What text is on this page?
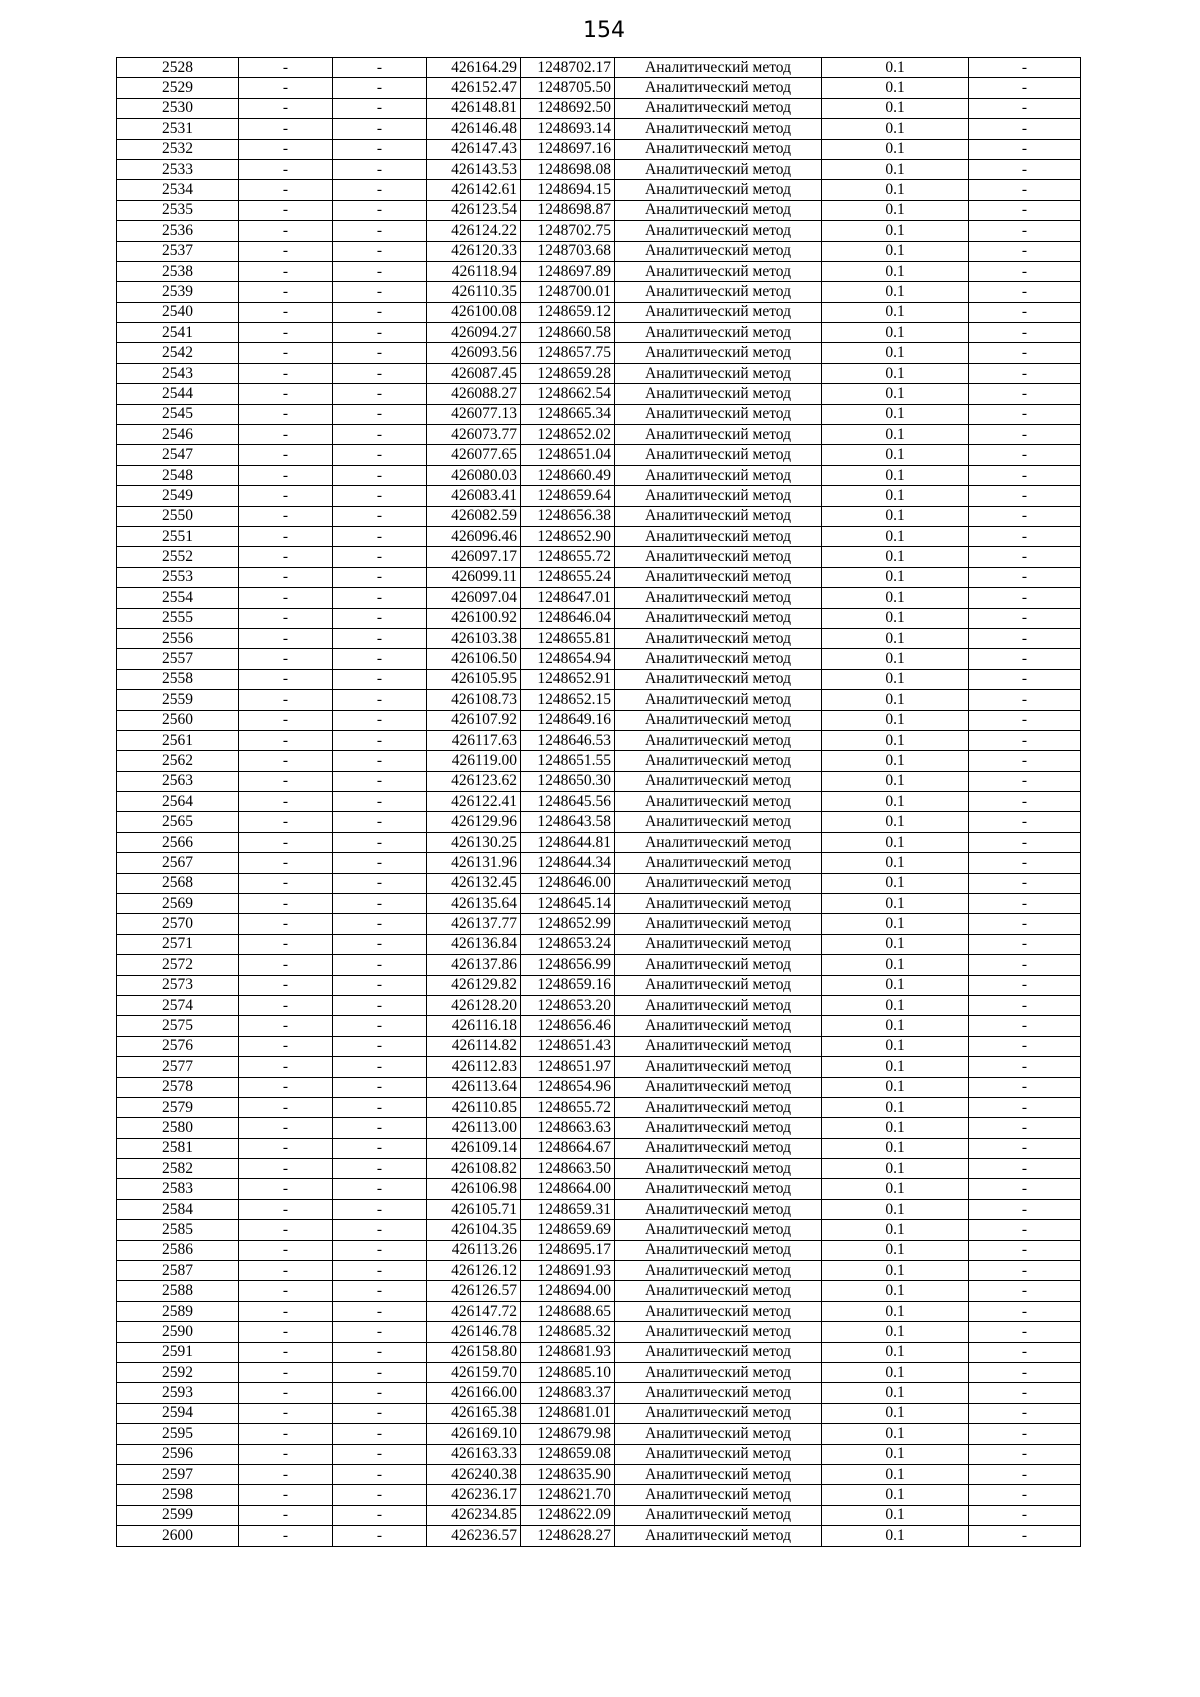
154
2528	-	-	426164.29	1248702.17	Аналитический метод	0.1	-
2529	-	-	426152.47	1248705.50	Аналитический метод	0.1	-
2530	-	-	426148.81	1248692.50	Аналитический метод	0.1	-
2531	-	-	426146.48	1248693.14	Аналитический метод	0.1	-
2532	-	-	426147.43	1248697.16	Аналитический метод	0.1	-
2533	-	-	426143.53	1248698.08	Аналитический метод	0.1	-
2534	-	-	426142.61	1248694.15	Аналитический метод	0.1	-
2535	-	-	426123.54	1248698.87	Аналитический метод	0.1	-
2536	-	-	426124.22	1248702.75	Аналитический метод	0.1	-
2537	-	-	426120.33	1248703.68	Аналитический метод	0.1	-
2538	-	-	426118.94	1248697.89	Аналитический метод	0.1	-
2539	-	-	426110.35	1248700.01	Аналитический метод	0.1	-
2540	-	-	426100.08	1248659.12	Аналитический метод	0.1	-
2541	-	-	426094.27	1248660.58	Аналитический метод	0.1	-
2542	-	-	426093.56	1248657.75	Аналитический метод	0.1	-
2543	-	-	426087.45	1248659.28	Аналитический метод	0.1	-
2544	-	-	426088.27	1248662.54	Аналитический метод	0.1	-
2545	-	-	426077.13	1248665.34	Аналитический метод	0.1	-
2546	-	-	426073.77	1248652.02	Аналитический метод	0.1	-
2547	-	-	426077.65	1248651.04	Аналитический метод	0.1	-
2548	-	-	426080.03	1248660.49	Аналитический метод	0.1	-
2549	-	-	426083.41	1248659.64	Аналитический метод	0.1	-
2550	-	-	426082.59	1248656.38	Аналитический метод	0.1	-
2551	-	-	426096.46	1248652.90	Аналитический метод	0.1	-
2552	-	-	426097.17	1248655.72	Аналитический метод	0.1	-
2553	-	-	426099.11	1248655.24	Аналитический метод	0.1	-
2554	-	-	426097.04	1248647.01	Аналитический метод	0.1	-
2555	-	-	426100.92	1248646.04	Аналитический метод	0.1	-
2556	-	-	426103.38	1248655.81	Аналитический метод	0.1	-
2557	-	-	426106.50	1248654.94	Аналитический метод	0.1	-
2558	-	-	426105.95	1248652.91	Аналитический метод	0.1	-
2559	-	-	426108.73	1248652.15	Аналитический метод	0.1	-
2560	-	-	426107.92	1248649.16	Аналитический метод	0.1	-
2561	-	-	426117.63	1248646.53	Аналитический метод	0.1	-
2562	-	-	426119.00	1248651.55	Аналитический метод	0.1	-
2563	-	-	426123.62	1248650.30	Аналитический метод	0.1	-
2564	-	-	426122.41	1248645.56	Аналитический метод	0.1	-
2565	-	-	426129.96	1248643.58	Аналитический метод	0.1	-
2566	-	-	426130.25	1248644.81	Аналитический метод	0.1	-
2567	-	-	426131.96	1248644.34	Аналитический метод	0.1	-
2568	-	-	426132.45	1248646.00	Аналитический метод	0.1	-
2569	-	-	426135.64	1248645.14	Аналитический метод	0.1	-
2570	-	-	426137.77	1248652.99	Аналитический метод	0.1	-
2571	-	-	426136.84	1248653.24	Аналитический метод	0.1	-
2572	-	-	426137.86	1248656.99	Аналитический метод	0.1	-
2573	-	-	426129.82	1248659.16	Аналитический метод	0.1	-
2574	-	-	426128.20	1248653.20	Аналитический метод	0.1	-
2575	-	-	426116.18	1248656.46	Аналитический метод	0.1	-
2576	-	-	426114.82	1248651.43	Аналитический метод	0.1	-
2577	-	-	426112.83	1248651.97	Аналитический метод	0.1	-
2578	-	-	426113.64	1248654.96	Аналитический метод	0.1	-
2579	-	-	426110.85	1248655.72	Аналитический метод	0.1	-
2580	-	-	426113.00	1248663.63	Аналитический метод	0.1	-
2581	-	-	426109.14	1248664.67	Аналитический метод	0.1	-
2582	-	-	426108.82	1248663.50	Аналитический метод	0.1	-
2583	-	-	426106.98	1248664.00	Аналитический метод	0.1	-
2584	-	-	426105.71	1248659.31	Аналитический метод	0.1	-
2585	-	-	426104.35	1248659.69	Аналитический метод	0.1	-
2586	-	-	426113.26	1248695.17	Аналитический метод	0.1	-
2587	-	-	426126.12	1248691.93	Аналитический метод	0.1	-
2588	-	-	426126.57	1248694.00	Аналитический метод	0.1	-
2589	-	-	426147.72	1248688.65	Аналитический метод	0.1	-
2590	-	-	426146.78	1248685.32	Аналитический метод	0.1	-
2591	-	-	426158.80	1248681.93	Аналитический метод	0.1	-
2592	-	-	426159.70	1248685.10	Аналитический метод	0.1	-
2593	-	-	426166.00	1248683.37	Аналитический метод	0.1	-
2594	-	-	426165.38	1248681.01	Аналитический метод	0.1	-
2595	-	-	426169.10	1248679.98	Аналитический метод	0.1	-
2596	-	-	426163.33	1248659.08	Аналитический метод	0.1	-
2597	-	-	426240.38	1248635.90	Аналитический метод	0.1	-
2598	-	-	426236.17	1248621.70	Аналитический метод	0.1	-
2599	-	-	426234.85	1248622.09	Аналитический метод	0.1	-
2600	-	-	426236.57	1248628.27	Аналитический метод	0.1	-
